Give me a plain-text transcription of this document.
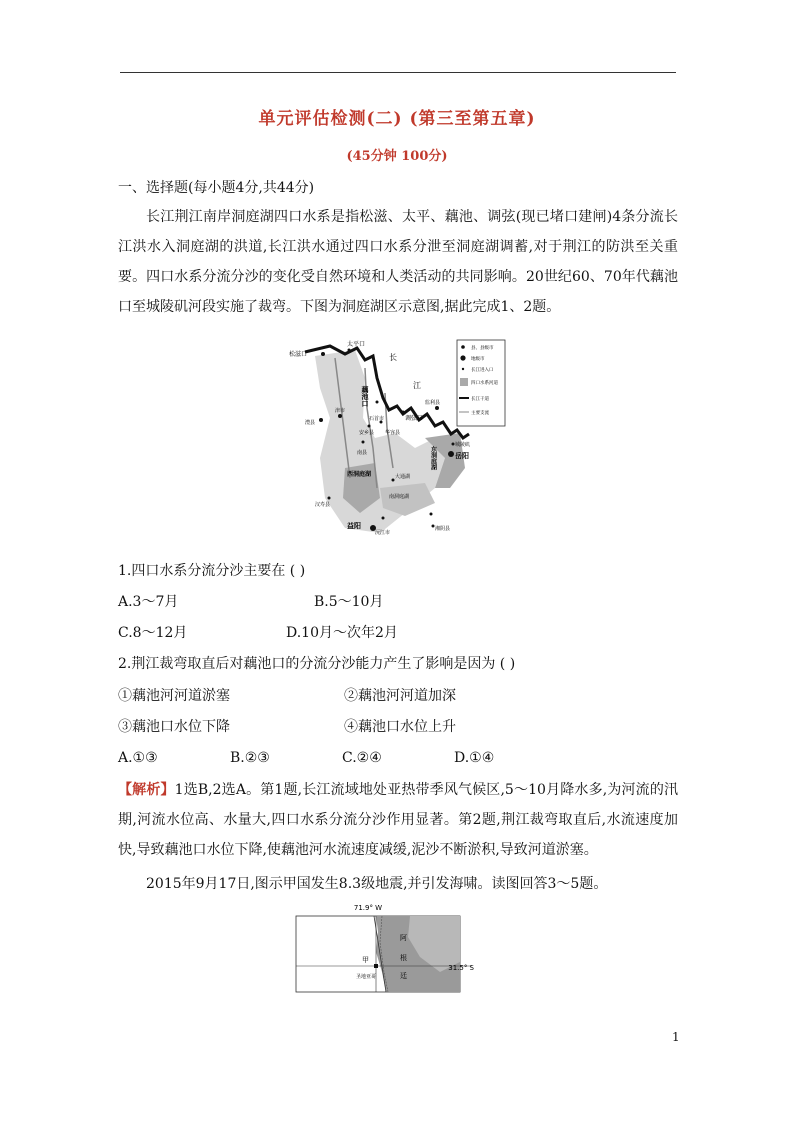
单元评估检测(二) (第三至第五章)
(45分钟 100分)
一、选择题(每小题4分,共44分)
长江荆江南岸洞庭湖四口水系是指松滋、太平、藕池、调弦(现已堵口建闸)4条分流长江洪水入洞庭湖的洪道,长江洪水通过四口水系分泄至洞庭湖调蓄,对于荆江的防洪至关重要。四口水系分流分沙的变化受自然环境和人类活动的共同影响。20世纪60、70年代藕池口至城陵矶河段实施了裁弯。下图为洞庭湖区示意图,据此完成1、2题。
县、县级市
地级市
长江进入口
四口水系河道
长江干道
主要支流
松滋口
太平口
长
江
藕池口
调弦口
监利县
城陵矶
岳阳
东洞庭湖
澧县
津市
安乡县
石首市
华容县
南县
沅江市
西洞庭湖
南洞庭湖
汉寿县
益阳	湘阴县
大通湖
1.四口水系分流分沙主要在 ( )
A.3～7月	B.5～10月
C.8～12月	D.10月～次年2月
2.荆江裁弯取直后对藕池口的分流分沙能力产生了影响是因为 ( )
①藕池河河道淤塞	②藕池河河道加深
③藕池口水位下降	④藕池口水位上升
A.①③	B.②③	C.②④	D.①④
【解析】1选B,2选A。第1题,长江流域地处亚热带季风气候区,5～10月降水多,为河流的汛期,河流水位高、水量大,四口水系分流分沙作用显著。第2题,荆江裁弯取直后,水流速度加快,导致藕池口水位下降,使藕池河水流速度减缓,泥沙不断淤积,导致河道淤塞。
2015年9月17日,图示甲国发生8.3级地震,并引发海啸。读图回答3～5题。
71.9° W
31.5° S
甲
阿
根
廷
圣地亚哥
1
